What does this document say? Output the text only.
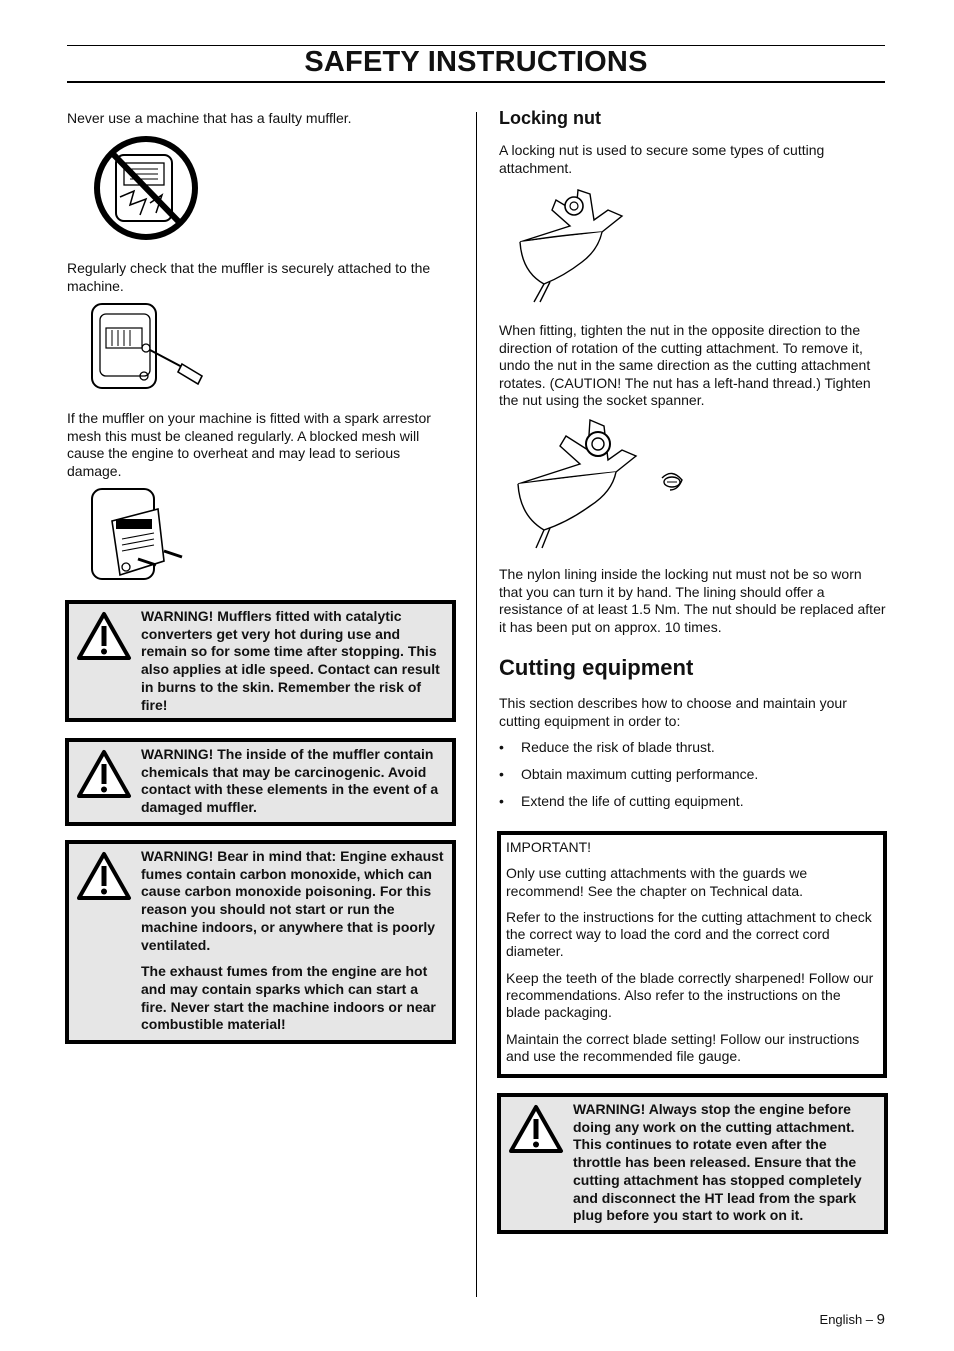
SAFETY INSTRUCTIONS

Never use a machine that has a faulty muffler.

Regularly check that the muffler is securely attached to the machine.

If the muffler on your machine is fitted with a spark arrestor mesh this must be cleaned regularly. A blocked mesh will cause the engine to overheat and may lead to serious damage.

WARNING! Mufflers fitted with catalytic converters get very hot during use and remain so for some time after stopping. This also applies at idle speed. Contact can result in burns to the skin. Remember the risk of fire!

WARNING! The inside of the muffler contain chemicals that may be carcinogenic. Avoid contact with these elements in the event of a damaged muffler.

WARNING! Bear in mind that: Engine exhaust fumes contain carbon monoxide, which can cause carbon monoxide poisoning. For this reason you should not start or run the machine indoors, or anywhere that is poorly ventilated.

The exhaust fumes from the engine are hot and may contain sparks which can start a fire. Never start the machine indoors or near combustible material!

Locking nut

A locking nut is used to secure some types of cutting attachment.

When fitting, tighten the nut in the opposite direction to the direction of rotation of the cutting attachment. To remove it, undo the nut in the same direction as the cutting attachment rotates. (CAUTION! The nut has a left-hand thread.) Tighten the nut using the socket spanner.

The nylon lining inside the locking nut must not be so worn that you can turn it by hand. The lining should offer a resistance of at least 1.5 Nm. The nut should be replaced after it has been put on approx. 10 times.

Cutting equipment

This section describes how to choose and maintain your cutting equipment in order to:

• Reduce the risk of blade thrust.
• Obtain maximum cutting performance.
• Extend the life of cutting equipment.

IMPORTANT!

Only use cutting attachments with the guards we recommend! See the chapter on Technical data.

Refer to the instructions for the cutting attachment to check the correct way to load the cord and the correct cord diameter.

Keep the teeth of the blade correctly sharpened! Follow our recommendations. Also refer to the instructions on the blade packaging.

Maintain the correct blade setting! Follow our instructions and use the recommended file gauge.

WARNING! Always stop the engine before doing any work on the cutting attachment. This continues to rotate even after the throttle has been released. Ensure that the cutting attachment has stopped completely and disconnect the HT lead from the spark plug before you start to work on it.

English – 9
